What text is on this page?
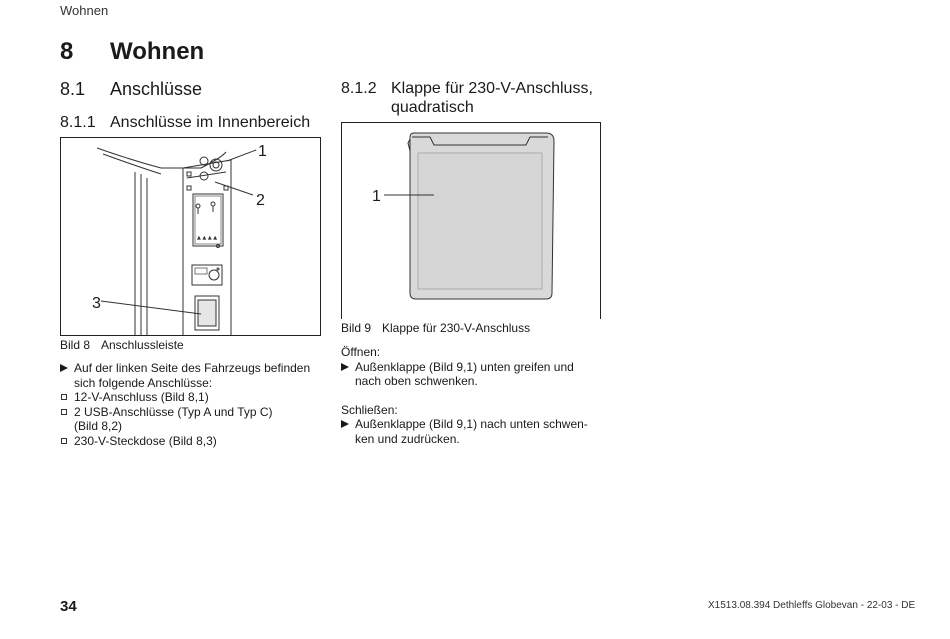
Wohnen
8 Wohnen
8.1 Anschlüsse
8.1.1 Anschlüsse im Innenbereich
▲ ▲ ▲ ▲
1
2
3
Bild 8 Anschlussleiste
Auf der linken Seite des Fahrzeugs befinden sich folgende Anschlüsse:
12-V-Anschluss (Bild 8,1)
2 USB-Anschlüsse (Typ A und Typ C) (Bild 8,2)
230-V-Steckdose (Bild 8,3)
8.1.2 Klappe für 230-V-Anschluss,
quadratisch
1
Bild 9 Klappe für 230-V-Anschluss
Öffnen:
Außenklappe (Bild 9,1) unten greifen und nach oben schwenken.
Schließen:
Außenklappe (Bild 9,1) nach unten schwen-ken und zudrücken.
34	X1513.08.394 Dethleffs Globevan - 22-03 - DE
